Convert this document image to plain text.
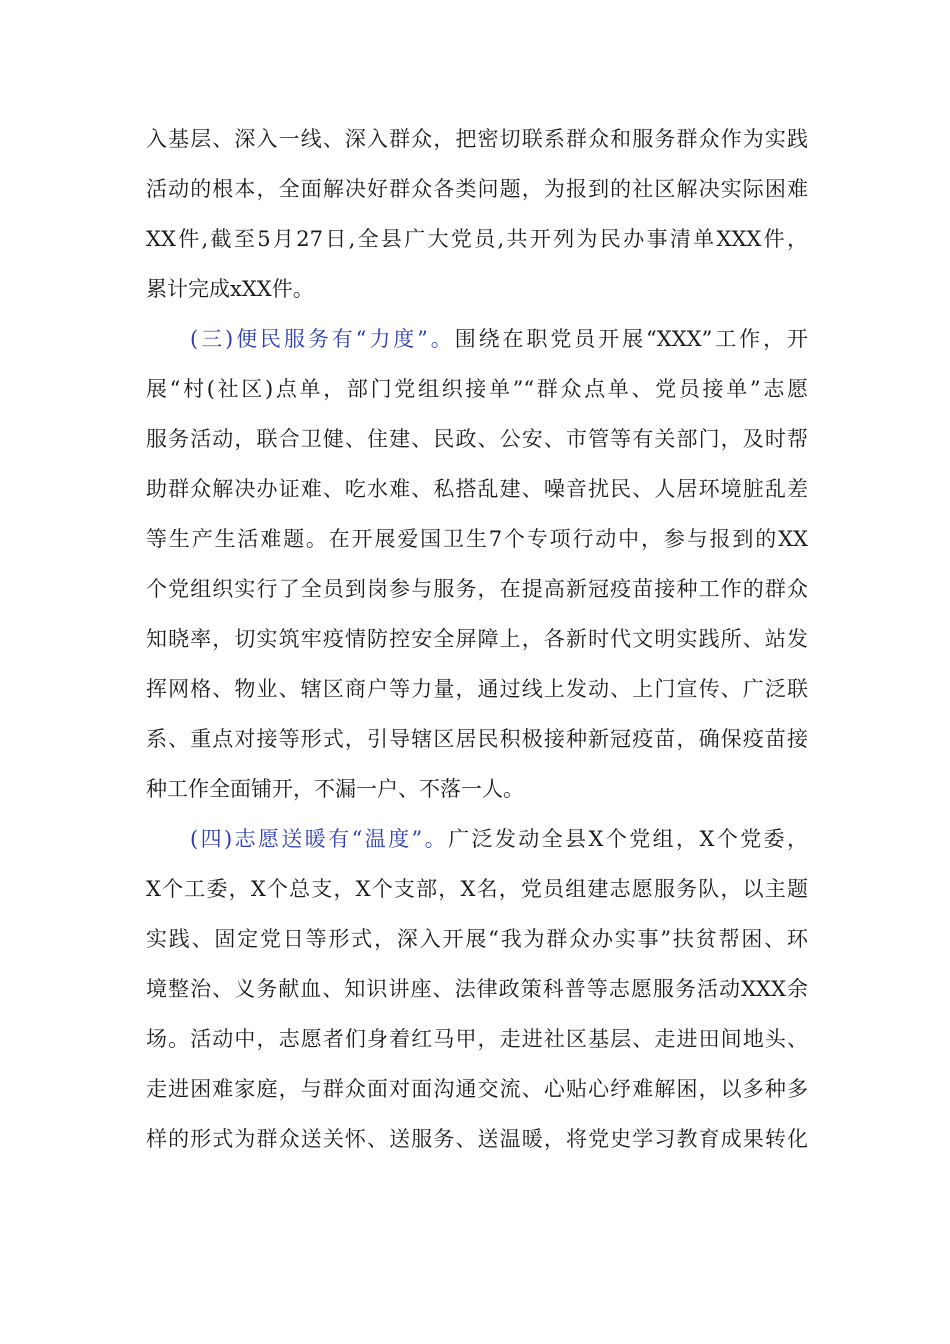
入基层、深入一线、深入群众，把密切联系群众和服务群众作为实践
活动的根本，全面解决好群众各类问题，为报到的社区解决实际困难
XX件,截至5月27日,全县广大党员,共开列为民办事清单XXX件，
累计完成xXX件。
(三)便民服务有“力度”。围绕在职党员开展“XXX”工作，开
展“村(社区)点单，部门党组织接单”“群众点单、党员接单”志愿
服务活动，联合卫健、住建、民政、公安、市管等有关部门，及时帮
助群众解决办证难、吃水难、私搭乱建、噪音扰民、人居环境脏乱差
等生产生活难题。在开展爱国卫生7个专项行动中，参与报到的XX
个党组织实行了全员到岗参与服务，在提高新冠疫苗接种工作的群众
知晓率，切实筑牢疫情防控安全屏障上，各新时代文明实践所、站发
挥网格、物业、辖区商户等力量，通过线上发动、上门宣传、广泛联
系、重点对接等形式，引导辖区居民积极接种新冠疫苗，确保疫苗接
种工作全面铺开，不漏一户、不落一人。
(四)志愿送暖有“温度”。广泛发动全县X个党组，X个党委，
X个工委，X个总支，X个支部，X名，党员组建志愿服务队，以主题
实践、固定党日等形式，深入开展“我为群众办实事”扶贫帮困、环
境整治、义务献血、知识讲座、法律政策科普等志愿服务活动XXX余
场。活动中，志愿者们身着红马甲，走进社区基层、走进田间地头、
走进困难家庭，与群众面对面沟通交流、心贴心纾难解困，以多种多
样的形式为群众送关怀、送服务、送温暖，将党史学习教育成果转化
